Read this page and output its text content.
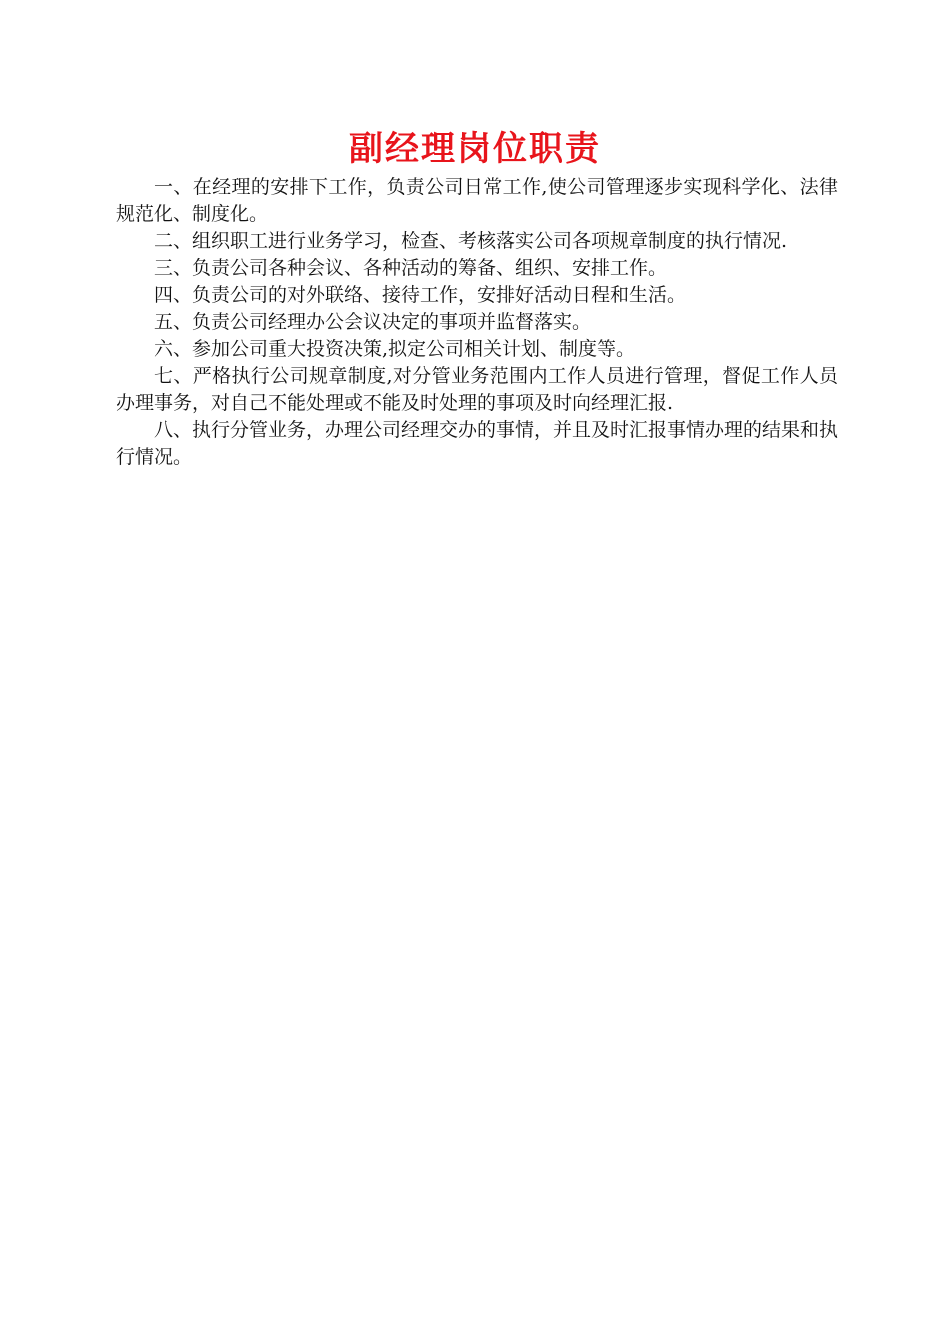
副经理岗位职责

一、在经理的安排下工作，负责公司日常工作,使公司管理逐步实现科学化、法律规范化、制度化。

二、组织职工进行业务学习，检查、考核落实公司各项规章制度的执行情况.

三、负责公司各种会议、各种活动的筹备、组织、安排工作。

四、负责公司的对外联络、接待工作，安排好活动日程和生活。

五、负责公司经理办公会议决定的事项并监督落实。

六、参加公司重大投资决策,拟定公司相关计划、制度等。

七、严格执行公司规章制度,对分管业务范围内工作人员进行管理，督促工作人员办理事务，对自己不能处理或不能及时处理的事项及时向经理汇报.

八、执行分管业务，办理公司经理交办的事情，并且及时汇报事情办理的结果和执行情况。
